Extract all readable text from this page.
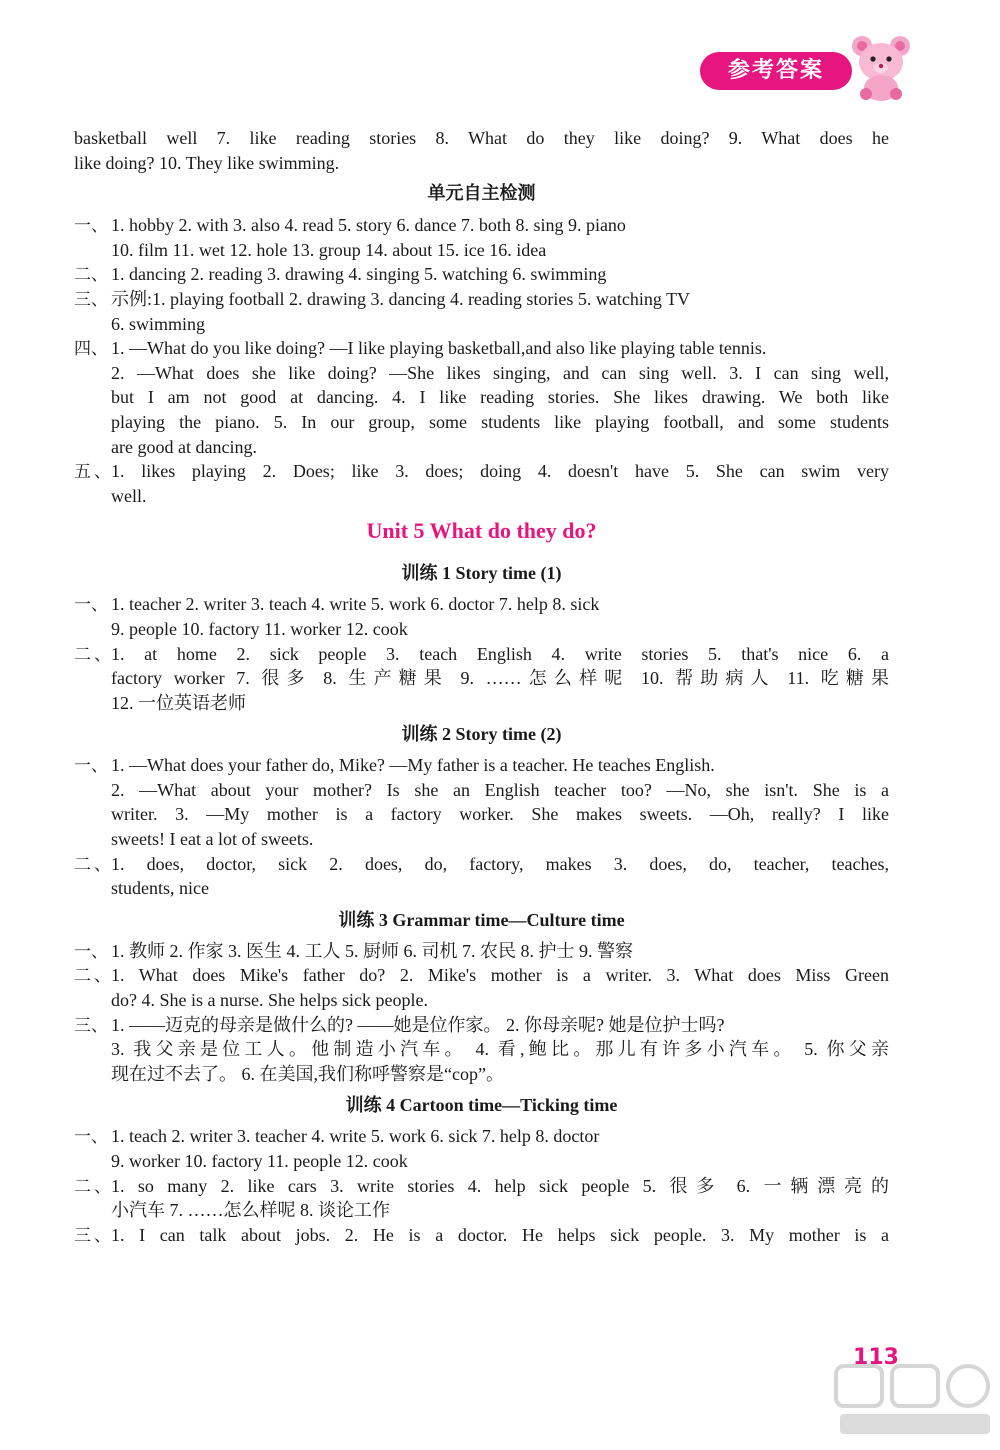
参考答案
basketball well 7. like reading stories 8. What do they like doing? 9. What does he
like doing? 10. They like swimming.
单元自主检测
一、 1. hobby 2. with 3. also 4. read 5. story 6. dance 7. both 8. sing 9. piano
10. film 11. wet 12. hole 13. group 14. about 15. ice 16. idea
二、 1. dancing 2. reading 3. drawing 4. singing 5. watching 6. swimming
三、 示例:1. playing football 2. drawing 3. dancing 4. reading stories 5. watching TV
6. swimming
四、 1. —What do you like doing? —I like playing basketball,and also like playing table tennis.
2. —What does she like doing? —She likes singing, and can sing well. 3. I can sing well,
but I am not good at dancing. 4. I like reading stories. She likes drawing. We both like
playing the piano. 5. In our group, some students like playing football, and some students
are good at dancing.
五、1. likes playing 2. Does; like 3. does; doing 4. doesn't have 5. She can swim very
well.
Unit 5 What do they do?
训练 1 Story time (1)
一、 1. teacher 2. writer 3. teach 4. write 5. work 6. doctor 7. help 8. sick
9. people 10. factory 11. worker 12. cook
二、1. at home 2. sick people 3. teach English 4. write stories 5. that's nice 6. a
factory worker 7. 很多 8. 生产糖果 9. ……怎么样呢 10. 帮助病人 11. 吃糖果
12. 一位英语老师
训练 2 Story time (2)
一、 1. —What does your father do, Mike? —My father is a teacher. He teaches English.
2. —What about your mother? Is she an English teacher too? —No, she isn't. She is a
writer. 3. —My mother is a factory worker. She makes sweets. —Oh, really? I like
sweets! I eat a lot of sweets.
二、1. does, doctor, sick 2. does, do, factory, makes 3. does, do, teacher, teaches,
students, nice
训练 3 Grammar time—Culture time
一、 1. 教师 2. 作家 3. 医生 4. 工人 5. 厨师 6. 司机 7. 农民 8. 护士 9. 警察
二、1. What does Mike's father do? 2. Mike's mother is a writer. 3. What does Miss Green
do? 4. She is a nurse. She helps sick people.
三、 1. ——迈克的母亲是做什么的? ——她是位作家。 2. 你母亲呢? 她是位护士吗?
3. 我父亲是位工人。他制造小汽车。 4. 看,鲍比。那儿有许多小汽车。 5. 你父亲
现在过不去了。 6. 在美国,我们称呼警察是“cop”。
训练 4 Cartoon time—Ticking time
一、 1. teach 2. writer 3. teacher 4. write 5. work 6. sick 7. help 8. doctor
9. worker 10. factory 11. people 12. cook
二、1. so many 2. like cars 3. write stories 4. help sick people 5. 很多 6. 一辆漂亮的
小汽车 7. ……怎么样呢 8. 谈论工作
三、1. I can talk about jobs. 2. He is a doctor. He helps sick people. 3. My mother is a
113
